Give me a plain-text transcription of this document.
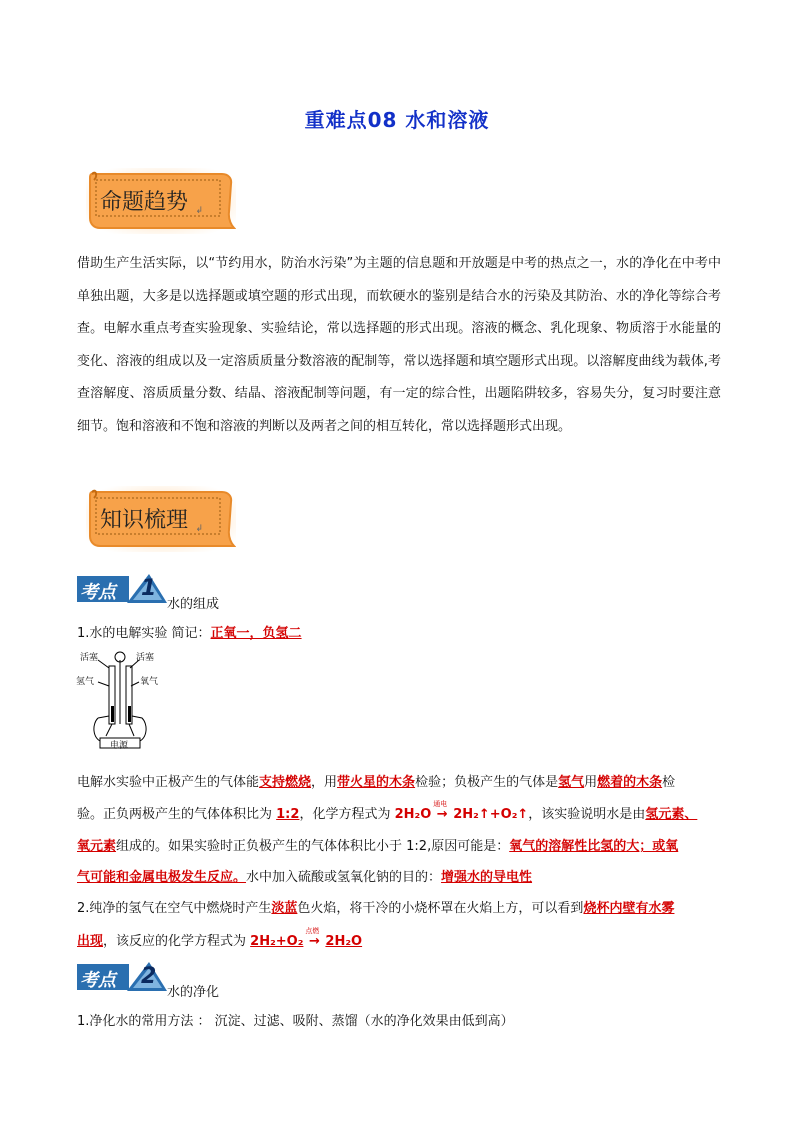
重难点08 水和溶液
命题趋势 ↲
借助生产生活实际，以“节约用水，防治水污染”为主题的信息题和开放题是中考的热点之一，水的净化在中考中单独出题，大多是以选择题或填空题的形式出现，而软硬水的鉴别是结合水的污染及其防治、水的净化等综合考查。电解水重点考查实验现象、实验结论，常以选择题的形式出现。溶液的概念、乳化现象、物质溶于水能量的变化、溶液的组成以及一定溶质质量分数溶液的配制等，常以选择题和填空题形式出现。以溶解度曲线为载体,考查溶解度、溶质质量分数、结晶、溶液配制等问题，有一定的综合性，出题陷阱较多，容易失分，复习时要注意细节。饱和溶液和不饱和溶液的判断以及两者之间的相互转化，常以选择题形式出现。
知识梳理 ↲
考点 1
水的组成
1.水的电解实验 简记：正氧一，负氢二
活塞	活塞
氢气	氧气
电源
电解水实验中正极产生的气体能支持燃烧，用带火星的木条检验；负极产生的气体是氢气用燃着的木条检
验。正负两极产生的气体体积比为 1:2，化学方程式为 2H₂O
通电
→ 2H₂↑+O₂↑，该实验说明水是由氢元素、
氧元素组成的。如果实验时正负极产生的气体体积比小于 1:2,原因可能是：氧气的溶解性比氢的大；或氧
气可能和金属电极发生反应。水中加入硫酸或氢氧化钠的目的：增强水的导电性
2.纯净的氢气在空气中燃烧时产生淡蓝色火焰，将干冷的小烧杯罩在火焰上方，可以看到烧杯内壁有水雾
出现，该反应的化学方程式为 2H₂+O₂
点燃
→ 2H₂O
考点 2
水的净化
1.净化水的常用方法 ： 沉淀、过滤、吸附、蒸馏（水的净化效果由低到高）
